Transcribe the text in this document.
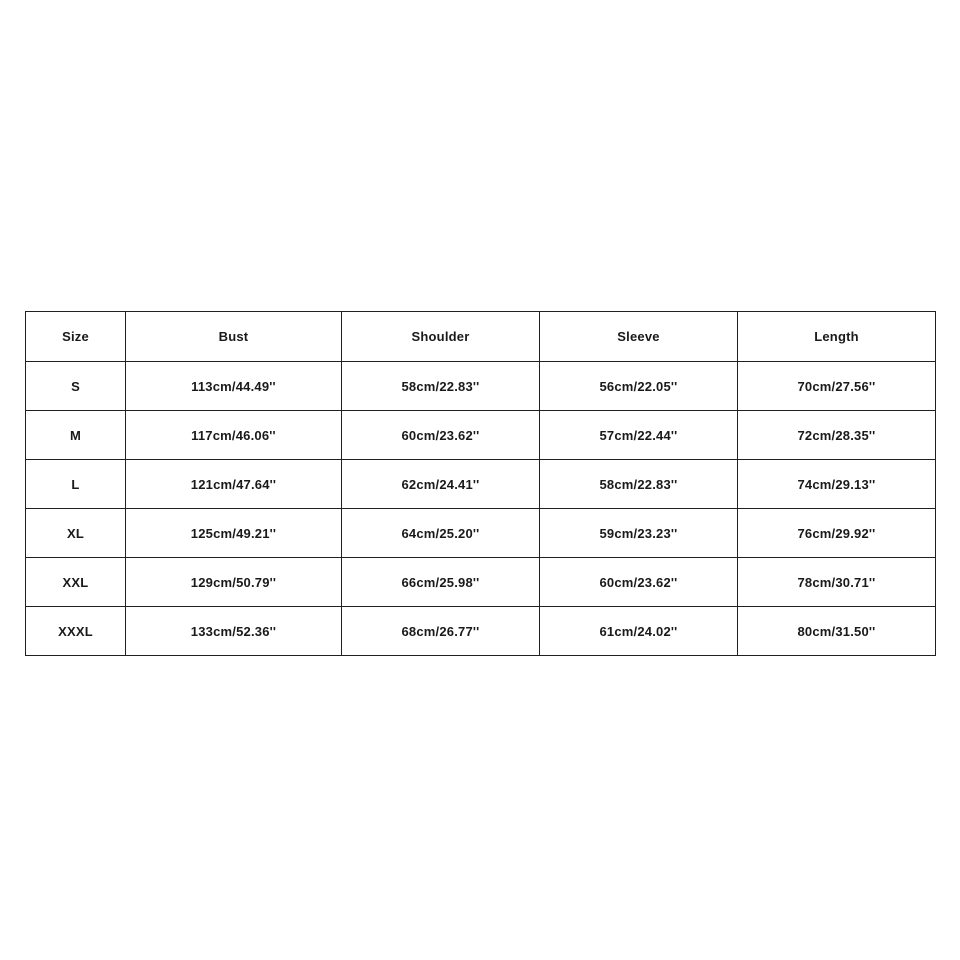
Size	Bust	Shoulder	Sleeve	Length
S	113cm/44.49''	58cm/22.83''	56cm/22.05''	70cm/27.56''
M	117cm/46.06''	60cm/23.62''	57cm/22.44''	72cm/28.35''
L	121cm/47.64''	62cm/24.41''	58cm/22.83''	74cm/29.13''
XL	125cm/49.21''	64cm/25.20''	59cm/23.23''	76cm/29.92''
XXL	129cm/50.79''	66cm/25.98''	60cm/23.62''	78cm/30.71''
XXXL	133cm/52.36''	68cm/26.77''	61cm/24.02''	80cm/31.50''
